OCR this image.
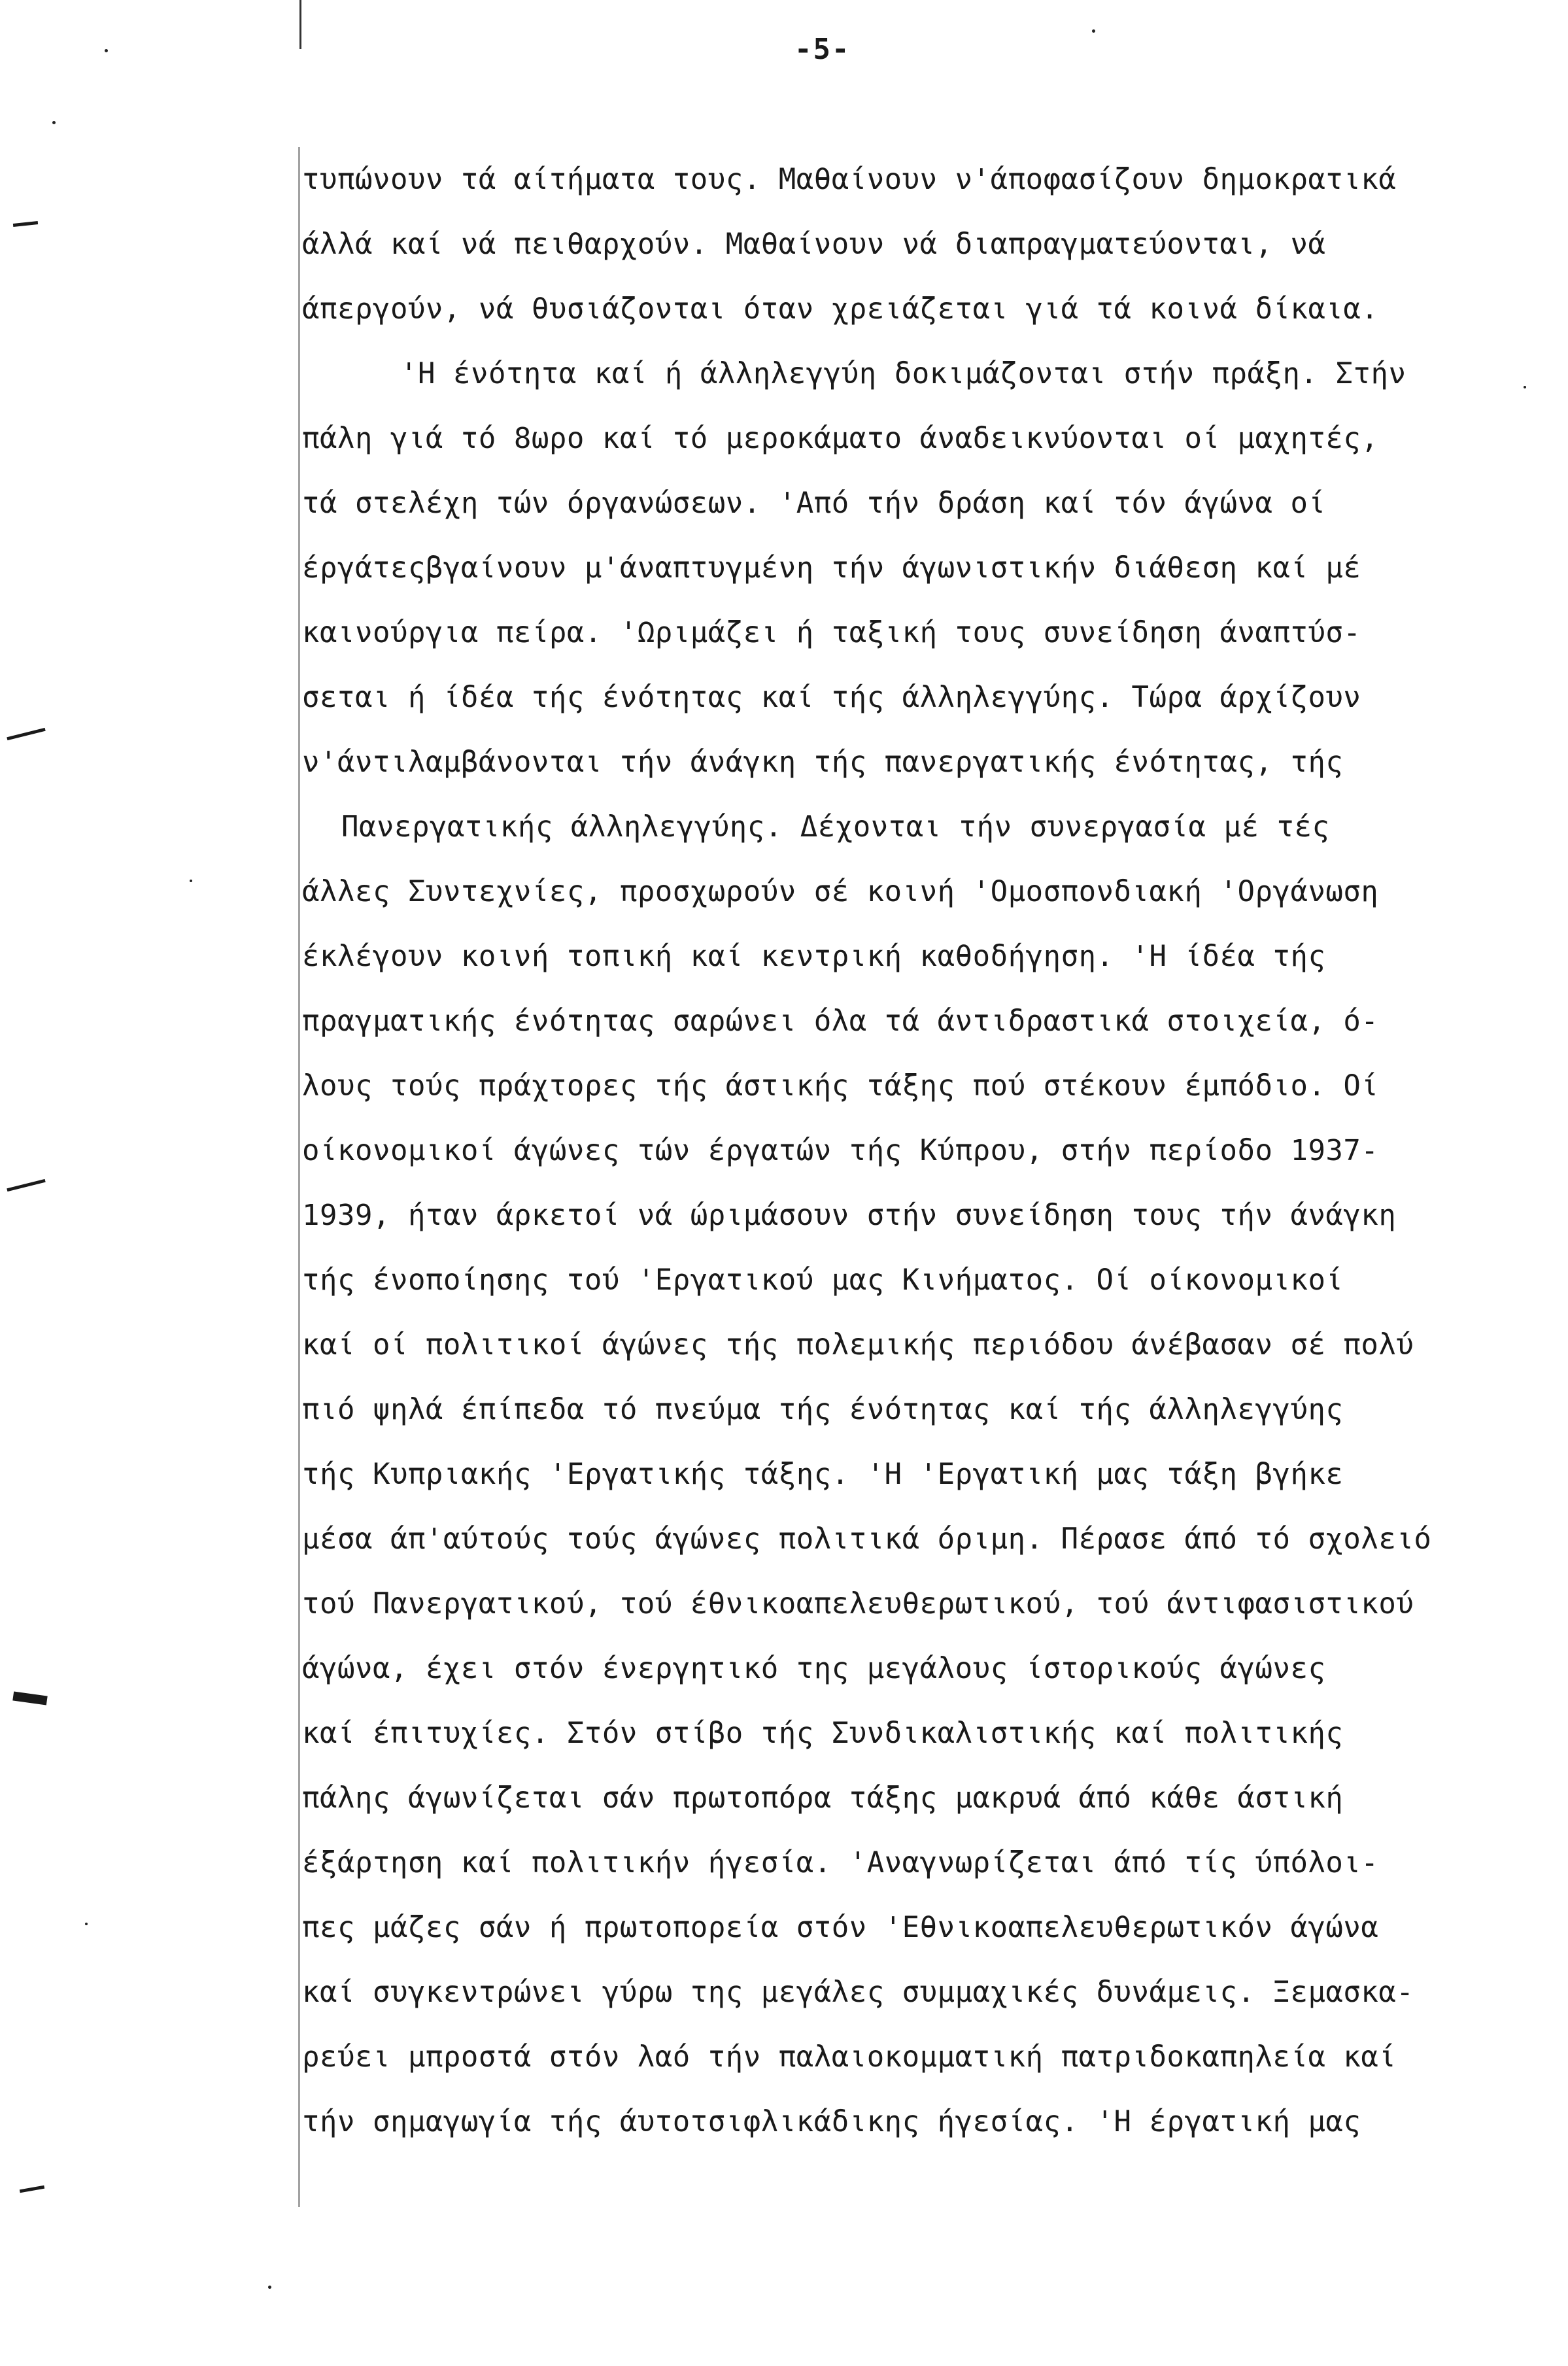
-5-
τυπώνουν τά αίτήματα τους. Μαθαίνουν ν'άποφασίζουν δημοκρατικά
άλλά καί νά πειθαρχούν. Μαθαίνουν νά διαπραγματεύονται, νά
άπεργούν, νά θυσιάζονται όταν χρειάζεται γιά τά κοινά δίκαια.
'Η ένότητα καί ή άλληλεγγύη δοκιμάζονται στήν πράξη. Στήν
πάλη γιά τό 8ωρο καί τό μεροκάματο άναδεικνύονται οί μαχητές,
τά στελέχη τών όργανώσεων. 'Από τήν δράση καί τόν άγώνα οί
έργάτεςβγαίνουν μ'άναπτυγμένη τήν άγωνιστικήν διάθεση καί μέ
καινούργια πείρα. 'Ωριμάζει ή ταξική τους συνείδηση άναπτύσ-
σεται ή ίδέα τής ένότητας καί τής άλληλεγγύης. Τώρα άρχίζουν
ν'άντιλαμβάνονται τήν άνάγκη τής πανεργατικής ένότητας, τής
Πανεργατικής άλληλεγγύης. Δέχονται τήν συνεργασία μέ τές
άλλες Συντεχνίες, προσχωρούν σέ κοινή 'Ομοσπονδιακή 'Οργάνωση
έκλέγουν κοινή τοπική καί κεντρική καθοδήγηση. 'Η ίδέα τής
πραγματικής ένότητας σαρώνει όλα τά άντιδραστικά στοιχεία, ό-
λους τούς πράχτορες τής άστικής τάξης πού στέκουν έμπόδιο. Οί
οίκονομικοί άγώνες τών έργατών τής Κύπρου, στήν περίοδο 1937-
1939, ήταν άρκετοί νά ώριμάσουν στήν συνείδηση τους τήν άνάγκη
τής ένοποίησης τού 'Εργατικού μας Κινήματος. Οί οίκονομικοί
καί οί πολιτικοί άγώνες τής πολεμικής περιόδου άνέβασαν σέ πολύ
πιό ψηλά έπίπεδα τό πνεύμα τής ένότητας καί τής άλληλεγγύης
τής Κυπριακής 'Εργατικής τάξης. 'Η 'Εργατική μας τάξη βγήκε
μέσα άπ'αύτούς τούς άγώνες πολιτικά όριμη. Πέρασε άπό τό σχολειό
τού Πανεργατικού, τού έθνικοαπελευθερωτικού, τού άντιφασιστικού
άγώνα, έχει στόν ένεργητικό της μεγάλους ίστορικούς άγώνες
καί έπιτυχίες. Στόν στίβο τής Συνδικαλιστικής καί πολιτικής
πάλης άγωνίζεται σάν πρωτοπόρα τάξης μακρυά άπό κάθε άστική
έξάρτηση καί πολιτικήν ήγεσία. 'Αναγνωρίζεται άπό τίς ύπόλοι-
πες μάζες σάν ή πρωτοπορεία στόν 'Εθνικοαπελευθερωτικόν άγώνα
καί συγκεντρώνει γύρω της μεγάλες συμμαχικές δυνάμεις. Ξεμασκα-
ρεύει μπροστά στόν λαό τήν παλαιοκομματική πατριδοκαπηλεία καί
τήν σημαγωγία τής άυτοτσιφλικάδικης ήγεσίας. 'Η έργατική μας
